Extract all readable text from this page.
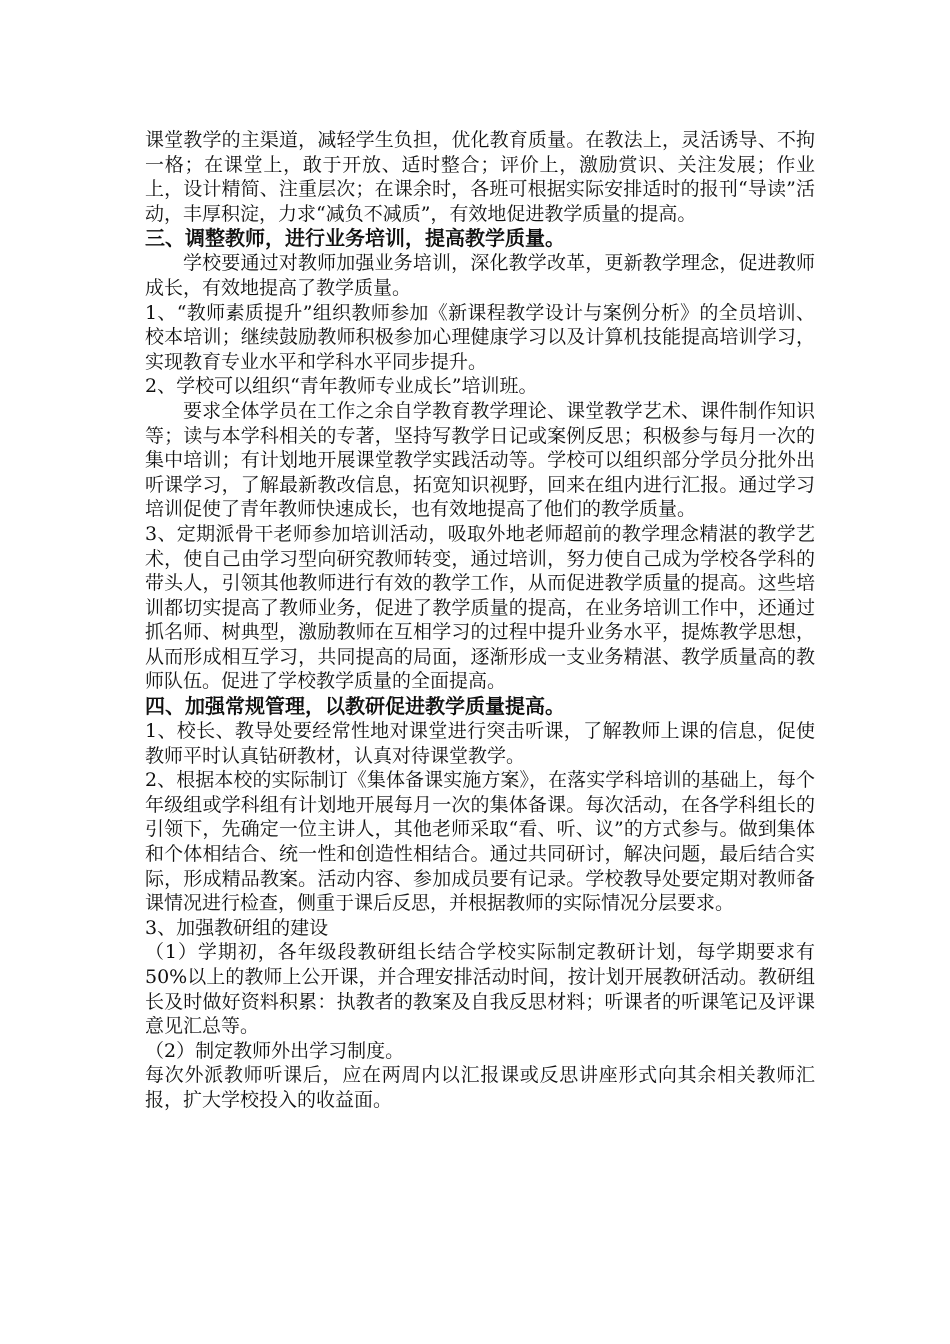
课堂教学的主渠道，减轻学生负担，优化教育质量。在教法上，灵活诱导、不拘一格；在课堂上，敢于开放、适时整合；评价上，激励赏识、关注发展；作业上，设计精简、注重层次；在课余时，各班可根据实际安排适时的报刊“导读”活动，丰厚积淀，力求“减负不减质”，有效地促进教学质量的提高。

三、调整教师，进行业务培训，提高教学质量。

学校要通过对教师加强业务培训，深化教学改革，更新教学理念，促进教师成长，有效地提高了教学质量。

1、“教师素质提升”组织教师参加《新课程教学设计与案例分析》的全员培训、校本培训；继续鼓励教师积极参加心理健康学习以及计算机技能提高培训学习，实现教育专业水平和学科水平同步提升。

2、学校可以组织“青年教师专业成长”培训班。

要求全体学员在工作之余自学教育教学理论、课堂教学艺术、课件制作知识等；读与本学科相关的专著，坚持写教学日记或案例反思；积极参与每月一次的集中培训；有计划地开展课堂教学实践活动等。学校可以组织部分学员分批外出听课学习，了解最新教改信息，拓宽知识视野，回来在组内进行汇报。通过学习培训促使了青年教师快速成长，也有效地提高了他们的教学质量。

3、定期派骨干老师参加培训活动，吸取外地老师超前的教学理念精湛的教学艺术，使自己由学习型向研究教师转变，通过培训，努力使自己成为学校各学科的带头人，引领其他教师进行有效的教学工作，从而促进教学质量的提高。这些培训都切实提高了教师业务，促进了教学质量的提高，在业务培训工作中，还通过抓名师、树典型，激励教师在互相学习的过程中提升业务水平，提炼教学思想，从而形成相互学习，共同提高的局面，逐渐形成一支业务精湛、教学质量高的教师队伍。促进了学校教学质量的全面提高。

四、加强常规管理，以教研促进教学质量提高。

1、校长、教导处要经常性地对课堂进行突击听课，了解教师上课的信息，促使教师平时认真钻研教材，认真对待课堂教学。

2、根据本校的实际制订《集体备课实施方案》，在落实学科培训的基础上，每个年级组或学科组有计划地开展每月一次的集体备课。每次活动，在各学科组长的引领下，先确定一位主讲人，其他老师采取“看、听、议”的方式参与。做到集体和个体相结合、统一性和创造性相结合。通过共同研讨，解决问题，最后结合实际，形成精品教案。活动内容、参加成员要有记录。学校教导处要定期对教师备课情况进行检查，侧重于课后反思，并根据教师的实际情况分层要求。

3、加强教研组的建设

（1）学期初，各年级段教研组长结合学校实际制定教研计划，每学期要求有50%以上的教师上公开课，并合理安排活动时间，按计划开展教研活动。教研组长及时做好资料积累：执教者的教案及自我反思材料；听课者的听课笔记及评课意见汇总等。

（2）制定教师外出学习制度。

每次外派教师听课后，应在两周内以汇报课或反思讲座形式向其余相关教师汇报，扩大学校投入的收益面。
